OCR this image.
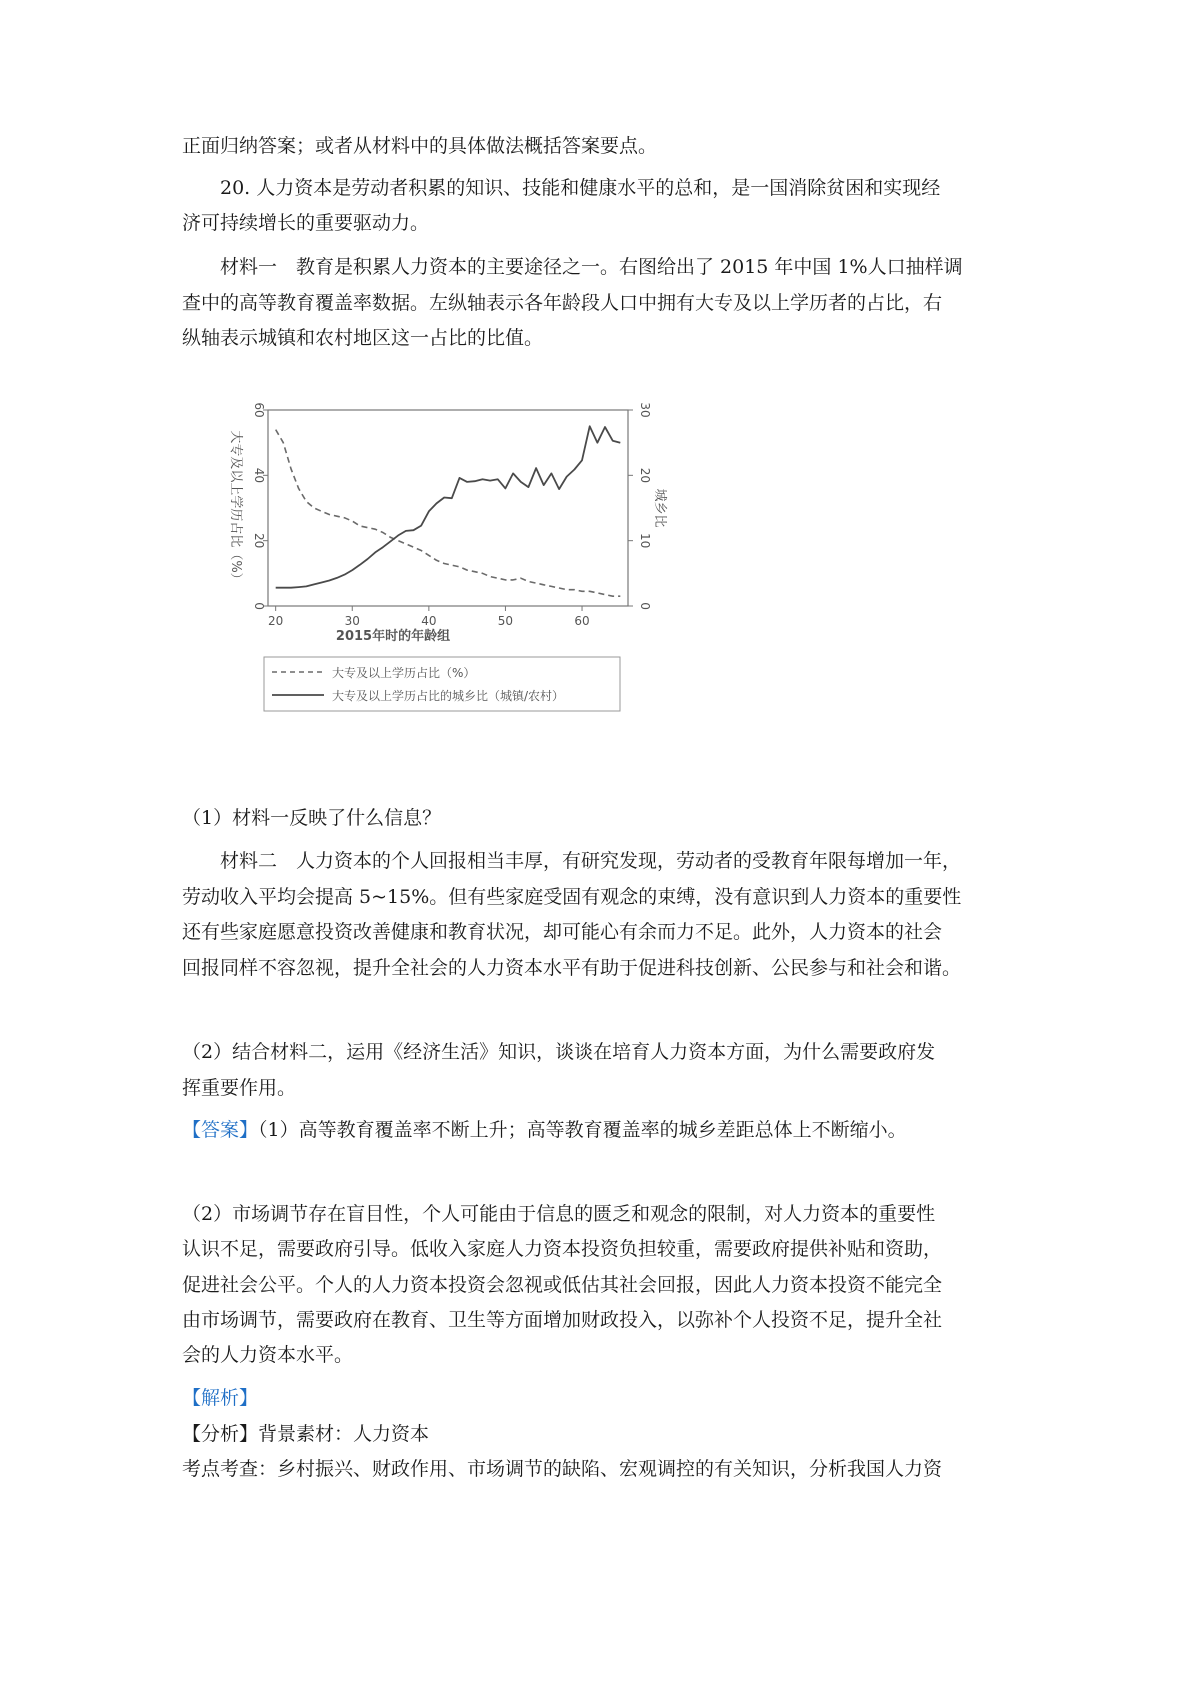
正面归纳答案；或者从材料中的具体做法概括答案要点。
20. 人力资本是劳动者积累的知识、技能和健康水平的总和，是一国消除贫困和实现经
济可持续增长的重要驱动力。
材料一　教育是积累人力资本的主要途径之一。右图给出了 2015 年中国 1%人口抽样调
查中的高等教育覆盖率数据。左纵轴表示各年龄段人口中拥有大专及以上学历者的占比，右
纵轴表示城镇和农村地区这一占比的比值。
20	30	40	50	60
0
20
40
60
0
10
20
30
大专及以上学历占比（%）	城乡比
2015年时的年龄组
大专及以上学历占比（%）
大专及以上学历占比的城乡比（城镇/农村）
（1）材料一反映了什么信息？
材料二　人力资本的个人回报相当丰厚，有研究发现，劳动者的受教育年限每增加一年，
劳动收入平均会提高 5~15%。但有些家庭受固有观念的束缚，没有意识到人力资本的重要性
还有些家庭愿意投资改善健康和教育状况，却可能心有余而力不足。此外，人力资本的社会
回报同样不容忽视，提升全社会的人力资本水平有助于促进科技创新、公民参与和社会和谐。
（2）结合材料二，运用《经济生活》知识，谈谈在培育人力资本方面，为什么需要政府发
挥重要作用。
【答案】（1）高等教育覆盖率不断上升；高等教育覆盖率的城乡差距总体上不断缩小。
（2）市场调节存在盲目性，个人可能由于信息的匮乏和观念的限制，对人力资本的重要性
认识不足，需要政府引导。低收入家庭人力资本投资负担较重，需要政府提供补贴和资助，
促进社会公平。个人的人力资本投资会忽视或低估其社会回报，因此人力资本投资不能完全
由市场调节，需要政府在教育、卫生等方面增加财政投入，以弥补个人投资不足，提升全社
会的人力资本水平。
【解析】
【分析】背景素材：人力资本
考点考查：乡村振兴、财政作用、市场调节的缺陷、宏观调控的有关知识，分析我国人力资
